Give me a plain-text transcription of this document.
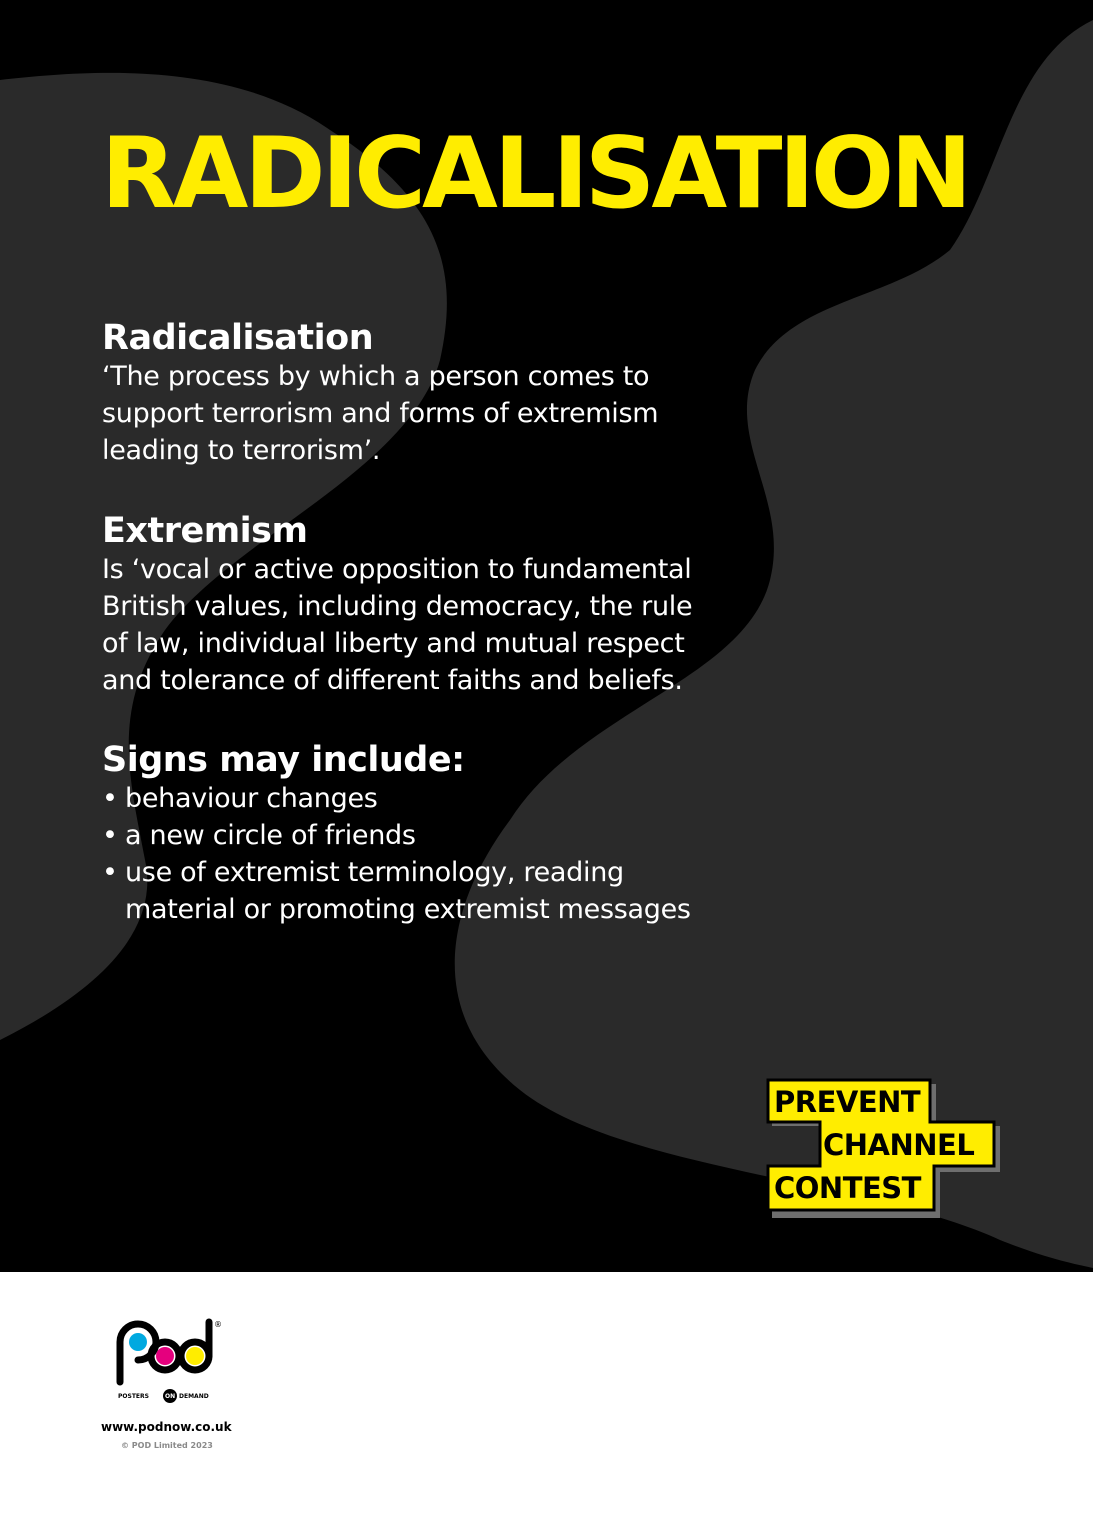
RADICALISATION
Radicalisation

‘The process by which a person comes to

support terrorism and forms of extremism

leading to terrorism’.

Extremism

Is ‘vocal or active opposition to fundamental

British values, including democracy, the rule

of law, individual liberty and mutual respect

and tolerance of different faiths and beliefs.

Signs may include:
• behaviour changes
• a new circle of friends
• use of extremist terminology, reading
material or promoting extremist messages
PREVENT
CHANNEL
CONTEST
®
POSTERS	ON DEMAND
www.podnow.co.uk
© POD Limited 2023
